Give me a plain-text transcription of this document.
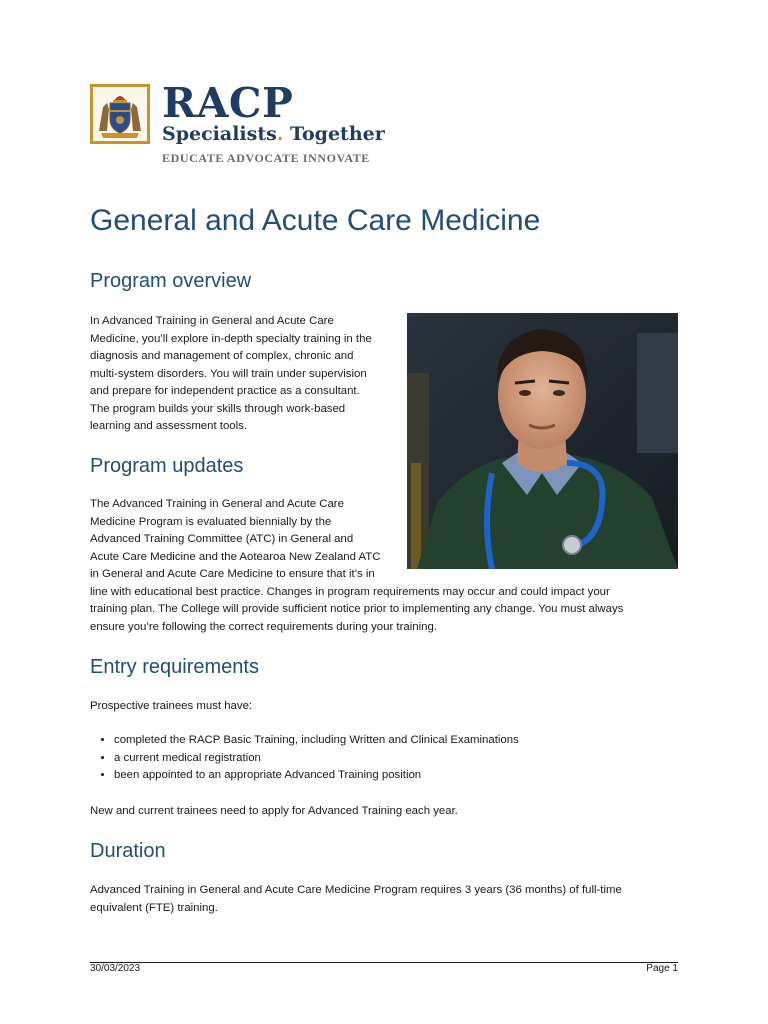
RACP
Specialists. Together
EDUCATE ADVOCATE INNOVATE
General and Acute Care Medicine
Program overview
In Advanced Training in General and Acute Care
Medicine, you’ll explore in-depth specialty training in the
diagnosis and management of complex, chronic and
multi-system disorders. You will train under supervision
and prepare for independent practice as a consultant.
The program builds your skills through work-based
learning and assessment tools.
Program updates
The Advanced Training in General and Acute Care
Medicine Program is evaluated biennially by the
Advanced Training Committee (ATC) in General and
Acute Care Medicine and the Aotearoa New Zealand ATC
in General and Acute Care Medicine to ensure that it’s in
line with educational best practice. Changes in program requirements may occur and could impact your
training plan. The College will provide sufficient notice prior to implementing any change. You must always
ensure you’re following the correct requirements during your training.
Entry requirements
Prospective trainees must have:
• completed the RACP Basic Training, including Written and Clinical Examinations
• a current medical registration
• been appointed to an appropriate Advanced Training position
New and current trainees need to apply for Advanced Training each year.
Duration
Advanced Training in General and Acute Care Medicine Program requires 3 years (36 months) of full-time
equivalent (FTE) training.
30/03/2023	Page 1
